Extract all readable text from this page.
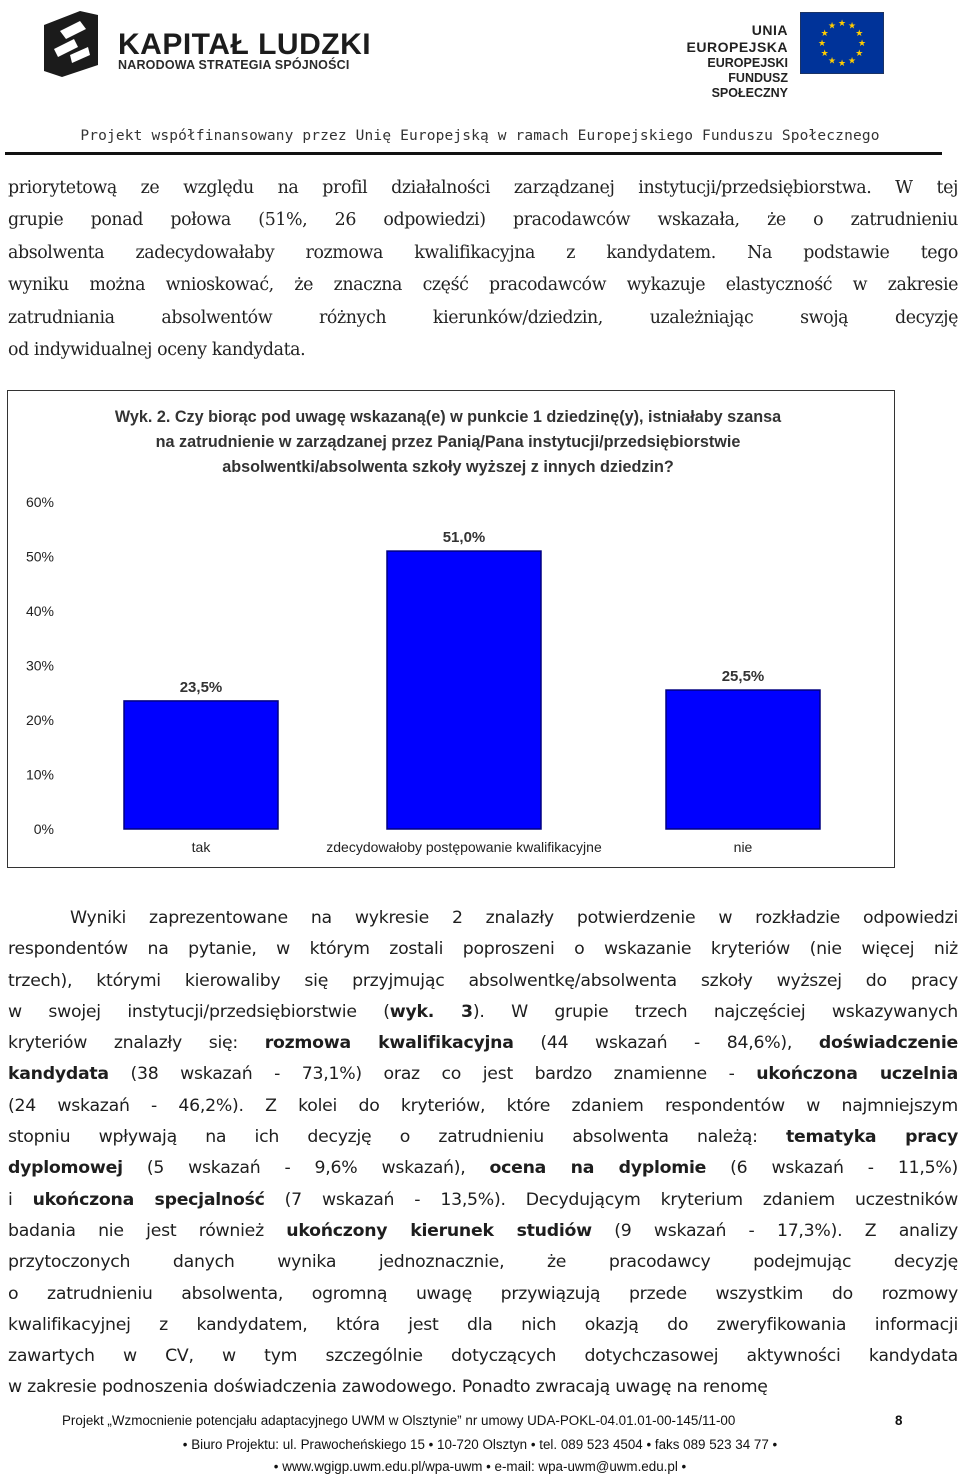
KAPITAŁ LUDZKI
NARODOWA STRATEGIA SPÓJNOŚCI
UNIA EUROPEJSKA
EUROPEJSKI
FUNDUSZ SPOŁECZNY
★ ★
★
★
★
★
★
★
★
★
★
★
Projekt współfinansowany przez Unię Europejską w ramach Europejskiego Funduszu Społecznego

priorytetową ze względu na profil działalności zarządzanej instytucji/przedsiębiorstwa. W tej
grupie ponad połowa (51%, 26 odpowiedzi) pracodawców wskazała, że o zatrudnieniu
absolwenta zadecydowałaby rozmowa kwalifikacyjna z kandydatem. Na podstawie tego
wyniku można wnioskować, że znaczna część pracodawców wykazuje elastyczność w zakresie
zatrudniania absolwentów różnych kierunków/dziedzin, uzależniając swoją decyzję
od indywidualnej oceny kandydata.

Wyk. 2. Czy biorąc pod uwagę wskazaną(e) w punkcie 1 dziedzinę(y), istniałaby szansa
na zatrudnienie w zarządzanej przez Panią/Pana instytucji/przedsiębiorstwie
absolwentki/absolwenta szkoły wyższej z innych dziedzin?
0%
10%
20%
30%
40%
50%
60%
23,5%
tak
51,0%
zdecydowałoby postępowanie kwalifikacyjne
25,5%
nie

Wyniki zaprezentowane na wykresie 2 znalazły potwierdzenie w rozkładzie odpowiedzi
respondentów na pytanie, w którym zostali poproszeni o wskazanie kryteriów (nie więcej niż
trzech), którymi kierowaliby się przyjmując absolwentkę/absolwenta szkoły wyższej do pracy
w swojej instytucji/przedsiębiorstwie (wyk. 3). W grupie trzech najczęściej wskazywanych
kryteriów znalazły się: rozmowa kwalifikacyjna (44 wskazań - 84,6%), doświadczenie
kandydata (38 wskazań - 73,1%) oraz co jest bardzo znamienne - ukończona uczelnia
(24 wskazań - 46,2%). Z kolei do kryteriów, które zdaniem respondentów w najmniejszym
stopniu wpływają na ich decyzję o zatrudnieniu absolwenta należą: tematyka pracy
dyplomowej (5 wskazań - 9,6% wskazań), ocena na dyplomie (6 wskazań - 11,5%)
i ukończona specjalność (7 wskazań - 13,5%). Decydującym kryterium zdaniem uczestników
badania nie jest również ukończony kierunek studiów (9 wskazań - 17,3%). Z analizy
przytoczonych danych wynika jednoznacznie, że pracodawcy podejmując decyzję
o zatrudnieniu absolwenta, ogromną uwagę przywiązują przede wszystkim do rozmowy
kwalifikacyjnej z kandydatem, która jest dla nich okazją do zweryfikowania informacji
zawartych w CV, w tym szczególnie dotyczących dotychczasowej aktywności kandydata
w zakresie podnoszenia doświadczenia zawodowego. Ponadto zwracają uwagę na renomę

Projekt „Wzmocnienie potencjału adaptacyjnego UWM w Olsztynie” nr umowy UDA-POKL-04.01.01-00-145/11-00	8
• Biuro Projektu: ul. Prawocheńskiego 15 • 10-720 Olsztyn • tel. 089 523 4504 • faks 089 523 34 77 •
• www.wgigp.uwm.edu.pl/wpa-uwm • e-mail: wpa-uwm@uwm.edu.pl •
